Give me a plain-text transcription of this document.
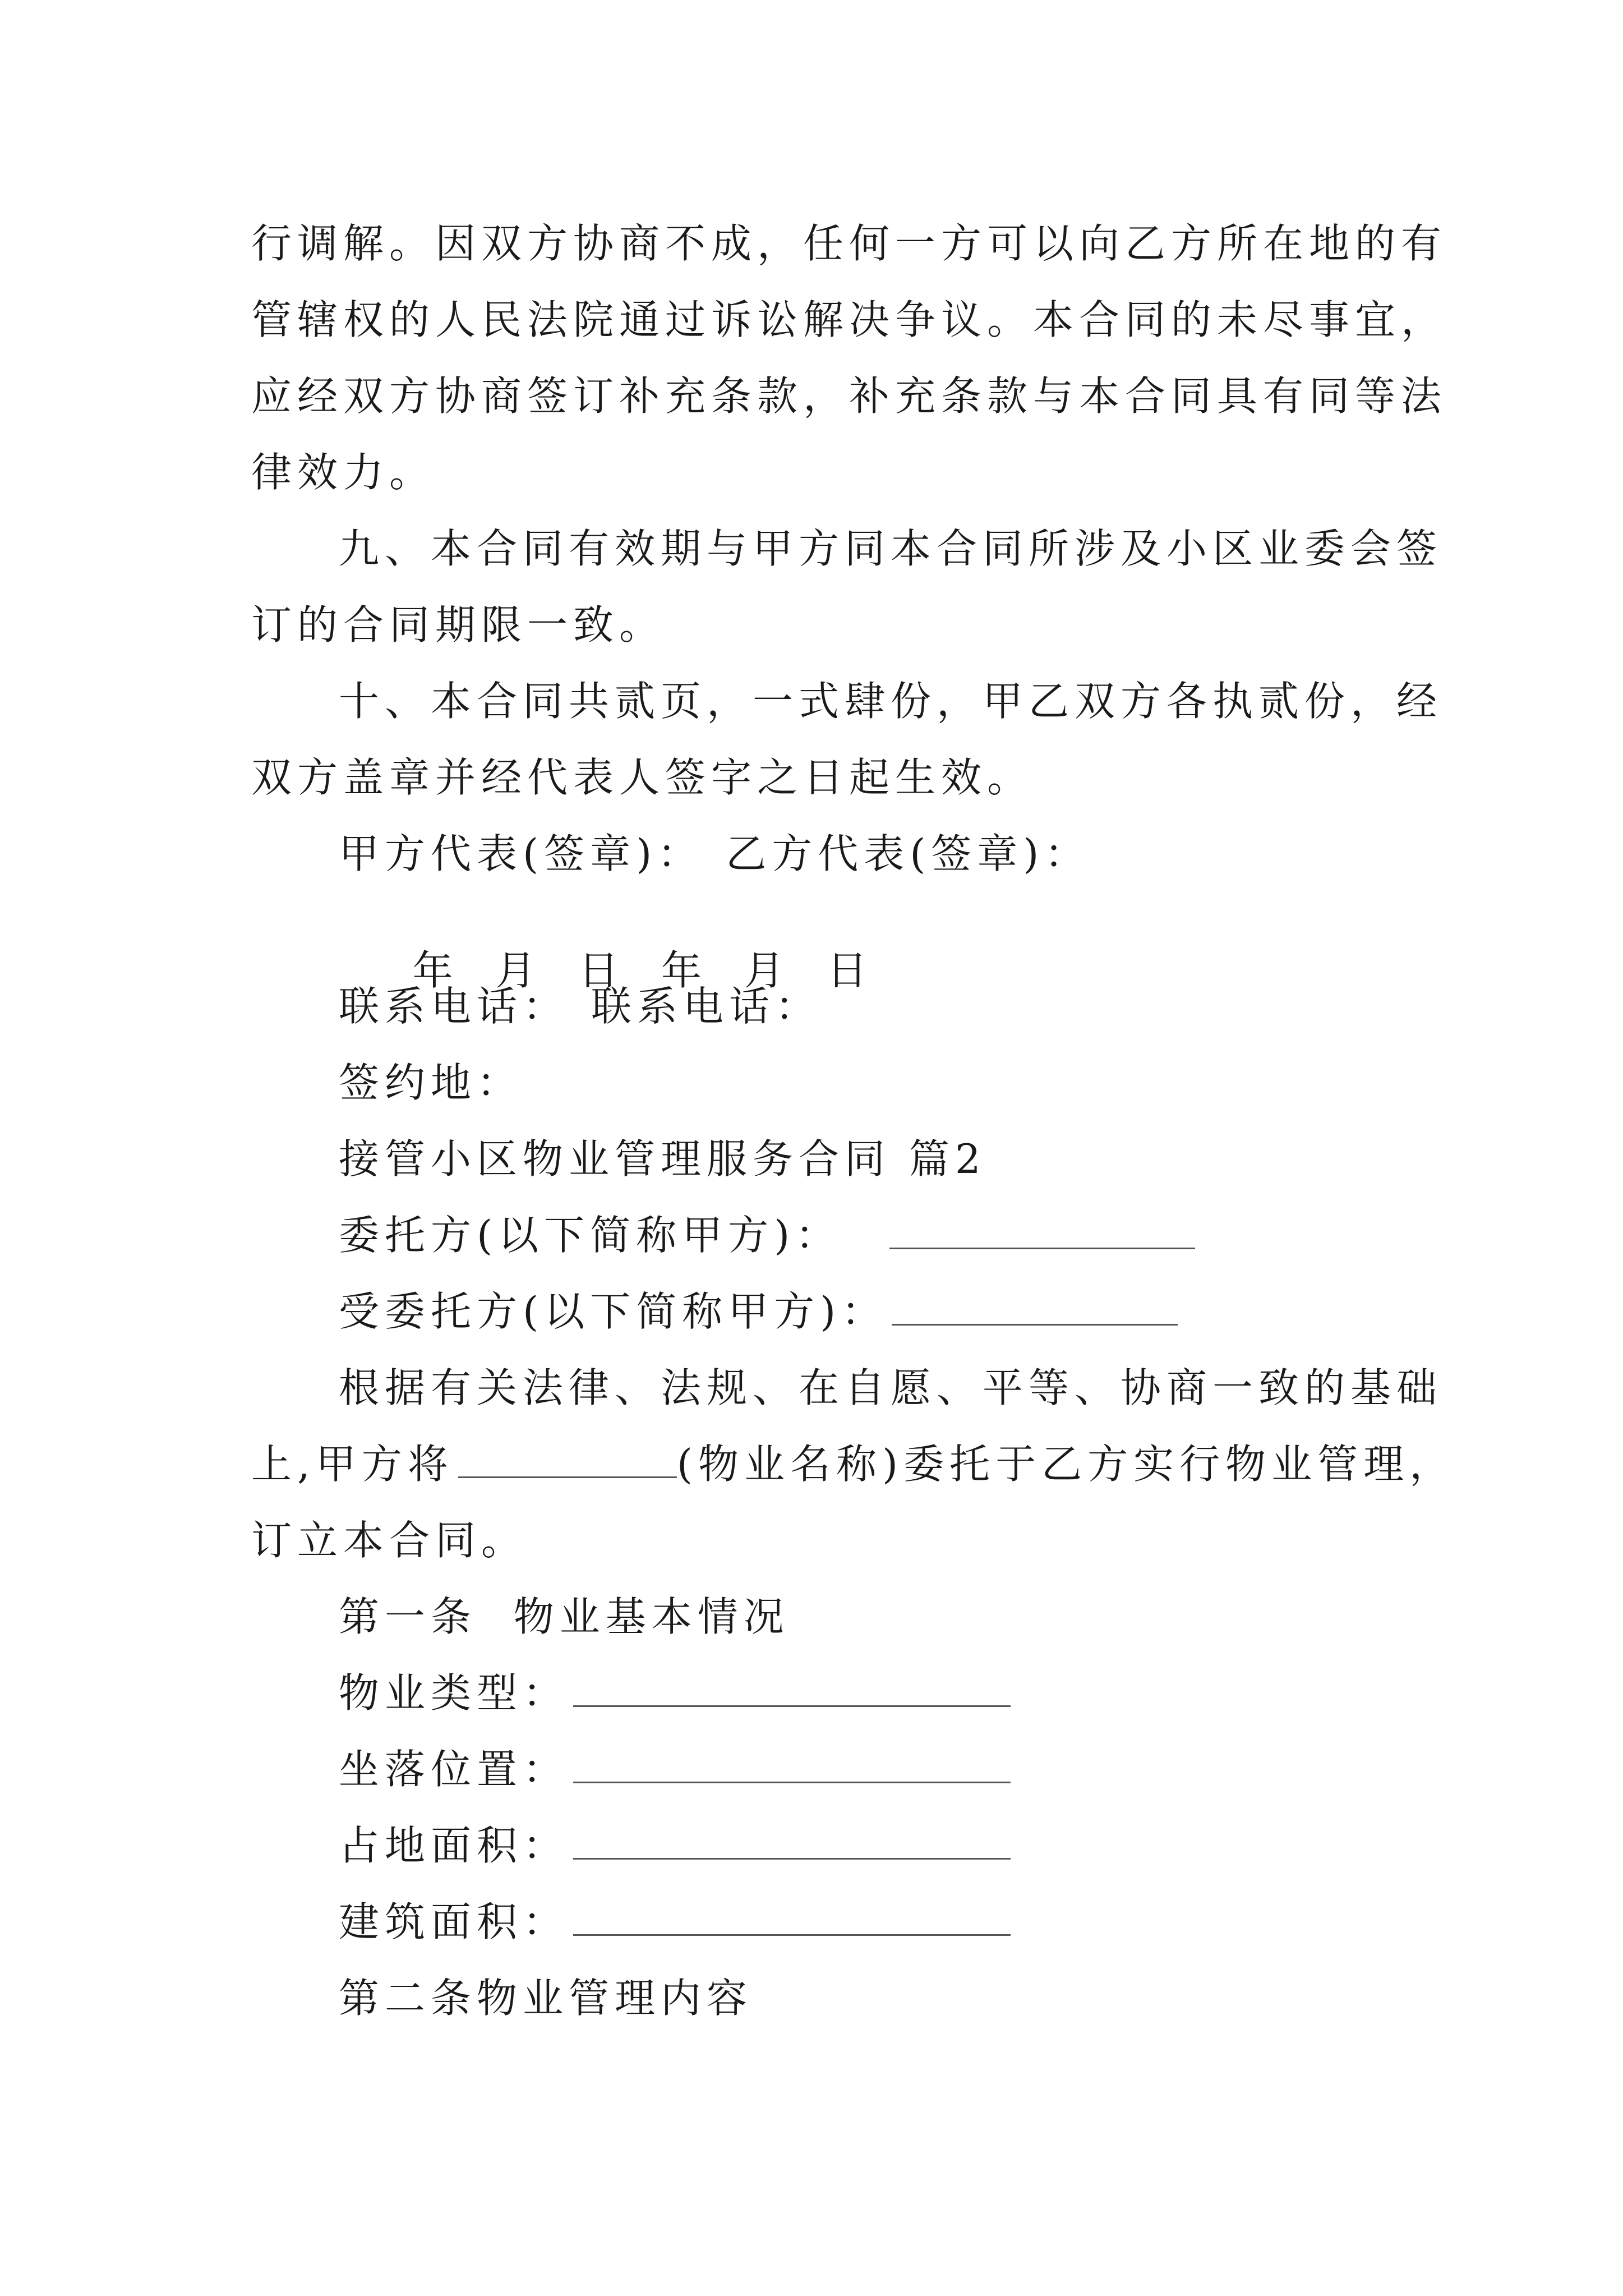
行调解。因双方协商不成，任何一方可以向乙方所在地的有
管辖权的人民法院通过诉讼解决争议。本合同的未尽事宜，
应经双方协商签订补充条款，补充条款与本合同具有同等法
律效力。
九、本合同有效期与甲方同本合同所涉及小区业委会签
订的合同期限一致。
十、本合同共贰页，一式肆份，甲乙双方各执贰份，经
双方盖章并经代表人签字之日起生效。
甲方代表(签章)： 乙方代表(签章)：

年  月  日 年  月  日

联系电话： 联系电话：
签约地：
接管小区物业管理服务合同 篇2
委托方(以下简称甲方)：
受委托方(以下简称甲方)：
根据有关法律、法规、在自愿、平等、协商一致的基础
上,甲方将	(物业名称)委托于乙方实行物业管理，
订立本合同。
第一条  物业基本情况
物业类型：
坐落位置：
占地面积：
建筑面积：
第二条物业管理内容
